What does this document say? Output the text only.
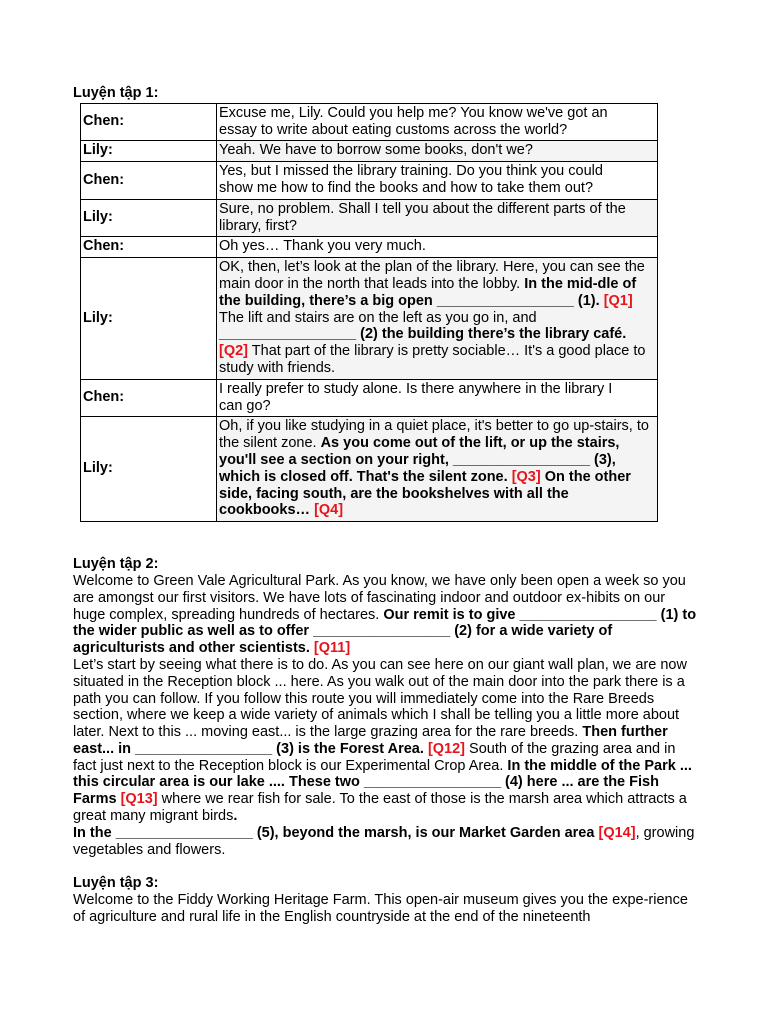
Luyện tập 1:
Chen:	Excuse me, Lily. Could you help me? You know we've got an
essay to write about eating customs across the world?
Lily:	Yeah. We have to borrow some books, don't we?
Chen:	Yes, but I missed the library training. Do you think you could
show me how to find the books and how to take them out?
Lily:	Sure, no problem. Shall I tell you about the different parts of the
library, first?
Chen:	Oh yes… Thank you very much.
Lily:	OK, then, let’s look at the plan of the library. Here, you can see the main door in the north that leads into the lobby. In the mid-dle of the building, there’s a big open _________________ (1). [Q1] The lift and stairs are on the left as you go in, and _________________ (2) the building there’s the library café. [Q2] That part of the library is pretty sociable… It's a good place to study with friends.
Chen:	I really prefer to study alone. Is there anywhere in the library I
can go?
Lily:	Oh, if you like studying in a quiet place, it's better to go up-stairs, to the silent zone. As you come out of the lift, or up the stairs, you'll see a section on your right, _________________ (3), which is closed off. That's the silent zone. [Q3] On the other side, facing south, are the bookshelves with all the cookbooks… [Q4]
Luyện tập 2:

Welcome to Green Vale Agricultural Park. As you know, we have only been open a week so you are amongst our first visitors. We have lots of fascinating indoor and outdoor ex-hibits on our huge complex, spreading hundreds of hectares. Our remit is to give _________________ (1) to the wider public as well as to offer _________________ (2) for a wide variety of agriculturists and other scientists. [Q11]
Let’s start by seeing what there is to do. As you can see here on our giant wall plan, we are now situated in the Reception block ... here. As you walk out of the main door into the park there is a path you can follow. If you follow this route you will immediately come into the Rare Breeds section, where we keep a wide variety of animals which I shall be telling you a little more about later. Next to this ... moving east... is the large grazing area for the rare breeds. Then further east... in _________________ (3) is the Forest Area. [Q12] South of the grazing area and in fact just next to the Reception block is our Experimental Crop Area. In the middle of the Park ... this circular area is our lake .... These two _________________ (4) here ... are the Fish Farms [Q13] where we rear fish for sale. To the east of those is the marsh area which attracts a great many migrant birds.
In the _________________ (5), beyond the marsh, is our Market Garden area [Q14], growing vegetables and flowers.

Luyện tập 3:

Welcome to the Fiddy Working Heritage Farm. This open-air museum gives you the expe-rience of agriculture and rural life in the English countryside at the end of the nineteenth
